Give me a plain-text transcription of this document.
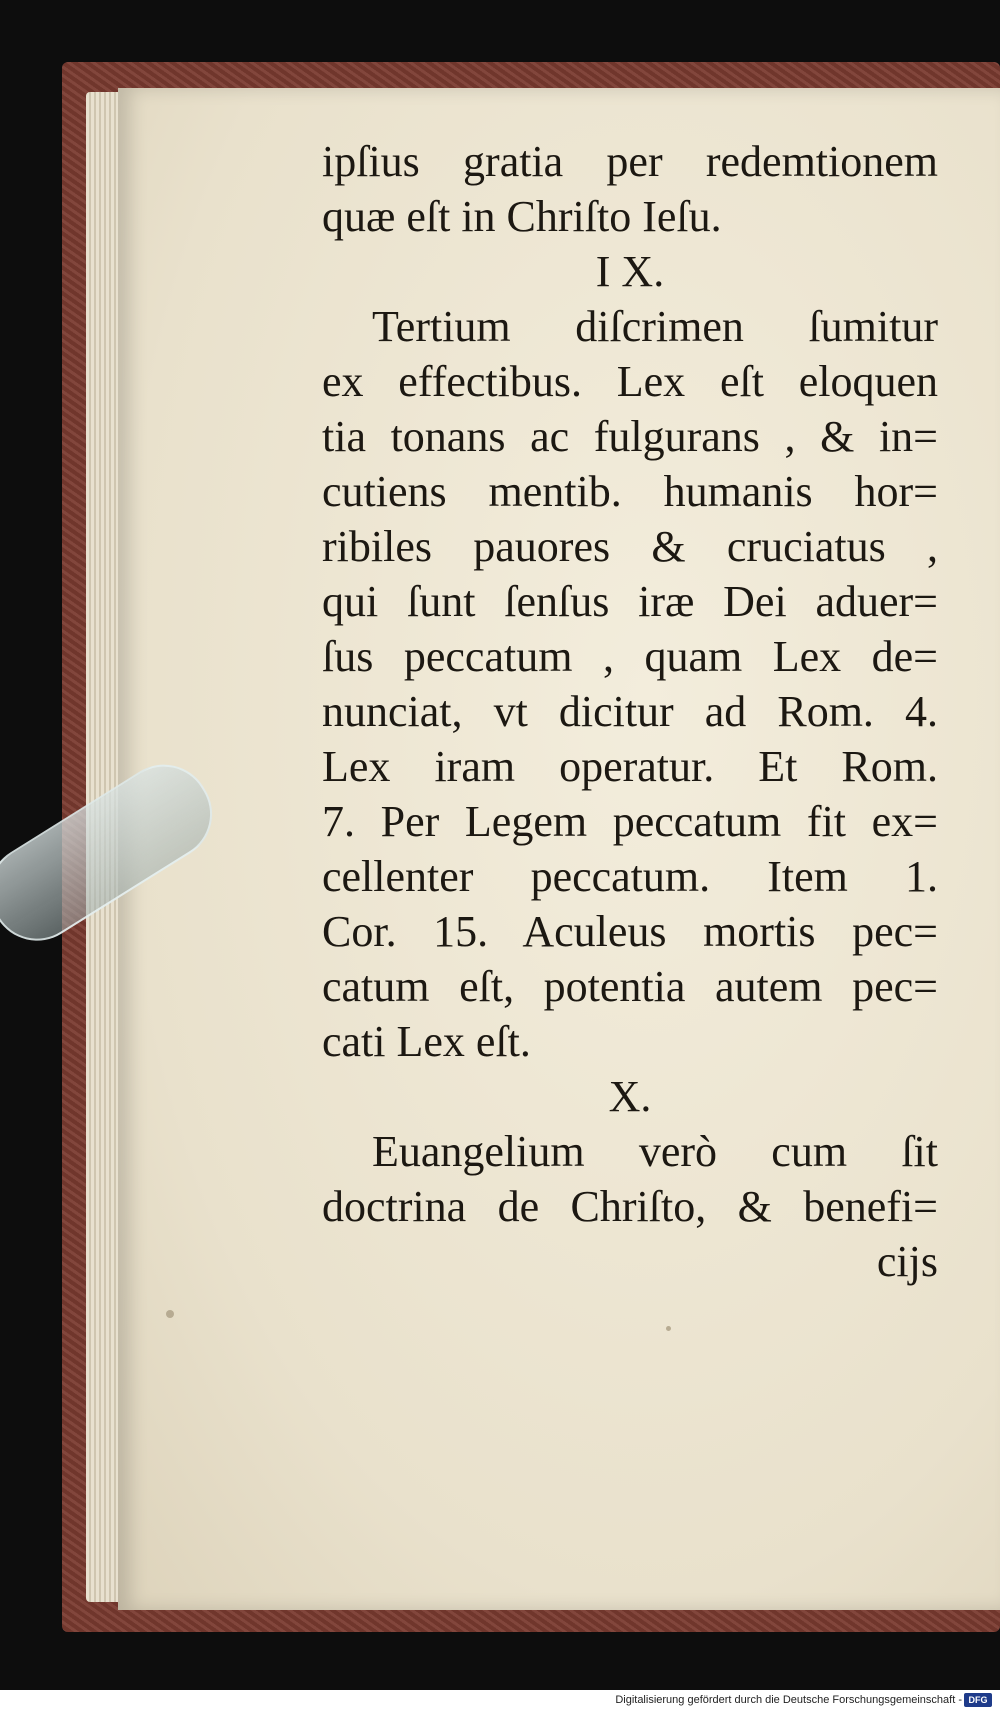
ipſius gratia per redemtionem
quæ eſt in Chriſto Ieſu.
I X.
Tertium diſcrimen ſumitur
ex effectibus. Lex eſt eloquen
tia tonans ac fulgurans , & in=
cutiens mentib. humanis hor=
ribiles pauores & cruciatus ,
qui ſunt ſenſus iræ Dei aduer=
ſus peccatum , quam Lex de=
nunciat, vt dicitur ad Rom. 4.
Lex iram operatur. Et Rom.
7. Per Legem peccatum fit ex=
cellenter peccatum. Item 1.
Cor. 15. Aculeus mortis pec=
catum eſt, potentia autem pec=
cati Lex eſt.
X.
Euangelium verò cum ſit
doctrina de Chriſto, & benefi=
cijs
Digitalisierung gefördert durch die Deutsche Forschungsgemeinschaft - DFG
